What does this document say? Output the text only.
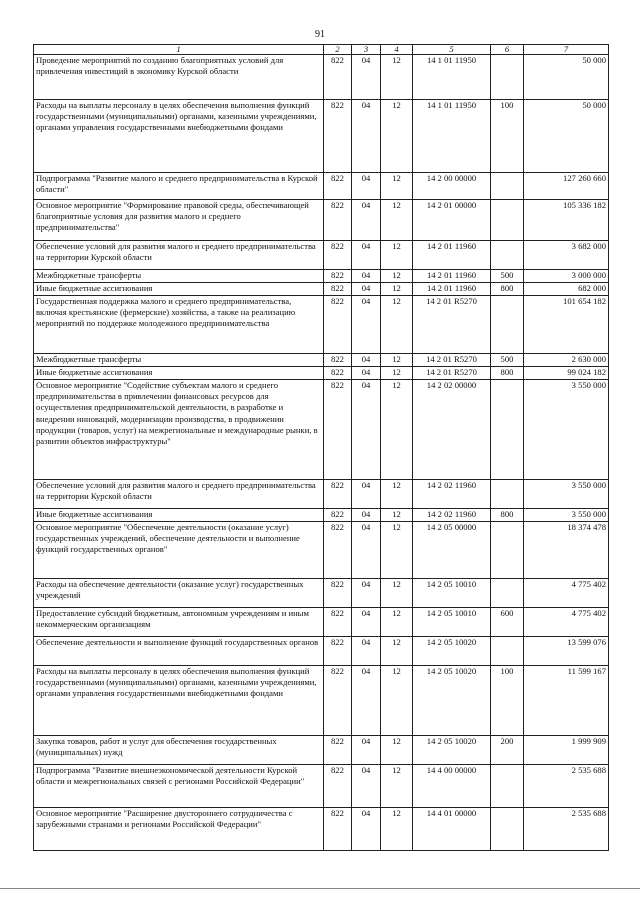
91
1	2	3	4	5	6	7
Проведение мероприятий по созданию благоприятных условий для привлечения инвестиций в экономику Курской области	822	04	12	14 1 01 11950		50 000
Расходы на выплаты персоналу в целях обеспечения выполнения функций государственными (муниципальными) органами, казенными учреждениями, органами управления государственными внебюджетными фондами	822	04	12	14 1 01 11950	100	50 000
Подпрограмма "Развитие малого и среднего предпринимательства в Курской области"	822	04	12	14 2 00 00000		127 260 660
Основное мероприятие "Формирование правовой среды, обеспечивающей благоприятные условия для развития малого и среднего предпринимательства"	822	04	12	14 2 01 00000		105 336 182
Обеспечение условий для развития малого и среднего предпринимательства на территории Курской области	822	04	12	14 2 01 11960		3 682 000
Межбюджетные трансферты	822	04	12	14 2 01 11960	500	3 000 000
Иные бюджетные ассигнования	822	04	12	14 2 01 11960	800	682 000
Государственная поддержка малого и среднего предпринимательства, включая крестьянские (фермерские) хозяйства, а также на реализацию мероприятий по поддержке молодежного предпринимательства	822	04	12	14 2 01 R5270		101 654 182
Межбюджетные трансферты	822	04	12	14 2 01 R5270	500	2 630 000
Иные бюджетные ассигнования	822	04	12	14 2 01 R5270	800	99 024 182
Основное мероприятие "Содействие субъектам малого и среднего предпринимательства в привлечении финансовых ресурсов для осуществления предпринимательской деятельности, в разработке и внедрении инноваций, модернизации производства, в продвижении продукции (товаров, услуг) на межрегиональные и международные рынки, в развитии объектов инфраструктуры"	822	04	12	14 2 02 00000		3 550 000
Обеспечение условий для развития малого и среднего предпринимательства на территории Курской области	822	04	12	14 2 02 11960		3 550 000
Иные бюджетные ассигнования	822	04	12	14 2 02 11960	800	3 550 000
Основное мероприятие "Обеспечение деятельности (оказание услуг) государственных учреждений, обеспечение деятельности и выполнение функций государственных органов"	822	04	12	14 2 05 00000		18 374 478
Расходы на обеспечение деятельности (оказание услуг) государственных учреждений	822	04	12	14 2 05 10010		4 775 402
Предоставление субсидий бюджетным, автономным учреждениям и иным некоммерческим организациям	822	04	12	14 2 05 10010	600	4 775 402
Обеспечение деятельности и выполнение функций государственных органов	822	04	12	14 2 05 10020		13 599 076
Расходы на выплаты персоналу в целях обеспечения выполнения функций государственными (муниципальными) органами, казенными учреждениями, органами управления государственными внебюджетными фондами	822	04	12	14 2 05 10020	100	11 599 167
Закупка товаров, работ и услуг для обеспечения государственных (муниципальных) нужд	822	04	12	14 2 05 10020	200	1 999 909
Подпрограмма "Развитие внешнеэкономической деятельности Курской области и межрегиональных связей с регионами Российской Федерации"	822	04	12	14 4 00 00000		2 535 688
Основное мероприятие "Расширение двустороннего сотрудничества с зарубежными странами и регионами Российской Федерации"	822	04	12	14 4 01 00000		2 535 688
